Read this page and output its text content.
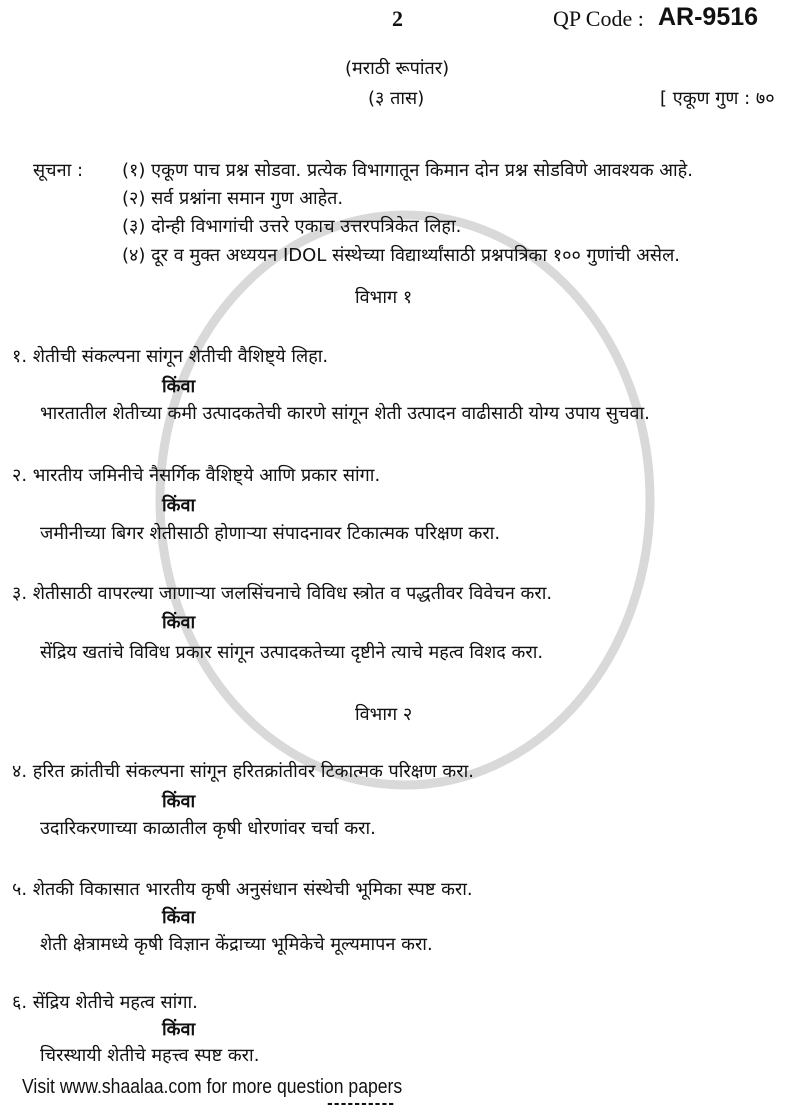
2	QP Code : AR-9516
(मराठी रूपांतर)
(३ तास)	[ एकूण गुण : ७०
सूचना : (१) एकूण पाच प्रश्न सोडवा. प्रत्येक विभागातून किमान दोन प्रश्न सोडविणे आवश्यक आहे.
(२) सर्व प्रश्नांना समान गुण आहेत.
(३) दोन्ही विभागांची उत्तरे एकाच उत्तरपत्रिकेत लिहा.
(४) दूर व मुक्त अध्ययन IDOL संस्थेच्या विद्यार्थ्यांसाठी प्रश्नपत्रिका १०० गुणांची असेल.
विभाग १
१. शेतीची संकल्पना सांगून शेतीची वैशिष्ट्ये लिहा.
किंवा
भारतातील शेतीच्या कमी उत्पादकतेची कारणे सांगून शेती उत्पादन वाढीसाठी योग्य उपाय सुचवा.
२. भारतीय जमिनीचे नैसर्गिक वैशिष्ट्ये आणि प्रकार सांगा.
किंवा
जमीनीच्या बिगर शेतीसाठी होणाऱ्या संपादनावर टिकात्मक परिक्षण करा.
३. शेतीसाठी वापरल्या जाणाऱ्या जलसिंचनाचे विविध स्त्रोत व पद्धतीवर विवेचन करा.
किंवा
सेंद्रिय खतांचे विविध प्रकार सांगून उत्पादकतेच्या दृष्टीने त्याचे महत्व विशद करा.
विभाग २
४. हरित क्रांतीची संकल्पना सांगून हरितक्रांतीवर टिकात्मक परिक्षण करा.
किंवा
उदारिकरणाच्या काळातील कृषी धोरणांवर चर्चा करा.
५. शेतकी विकासात भारतीय कृषी अनुसंधान संस्थेची भूमिका स्पष्ट करा.
किंवा
शेती क्षेत्रामध्ये कृषी विज्ञान केंद्राच्या भूमिकेचे मूल्यमापन करा.
६. सेंद्रिय शेतीचे महत्व सांगा.
किंवा
चिरस्थायी शेतीचे महत्त्व स्पष्ट करा.
Visit www.shaalaa.com for more question papers
----------
